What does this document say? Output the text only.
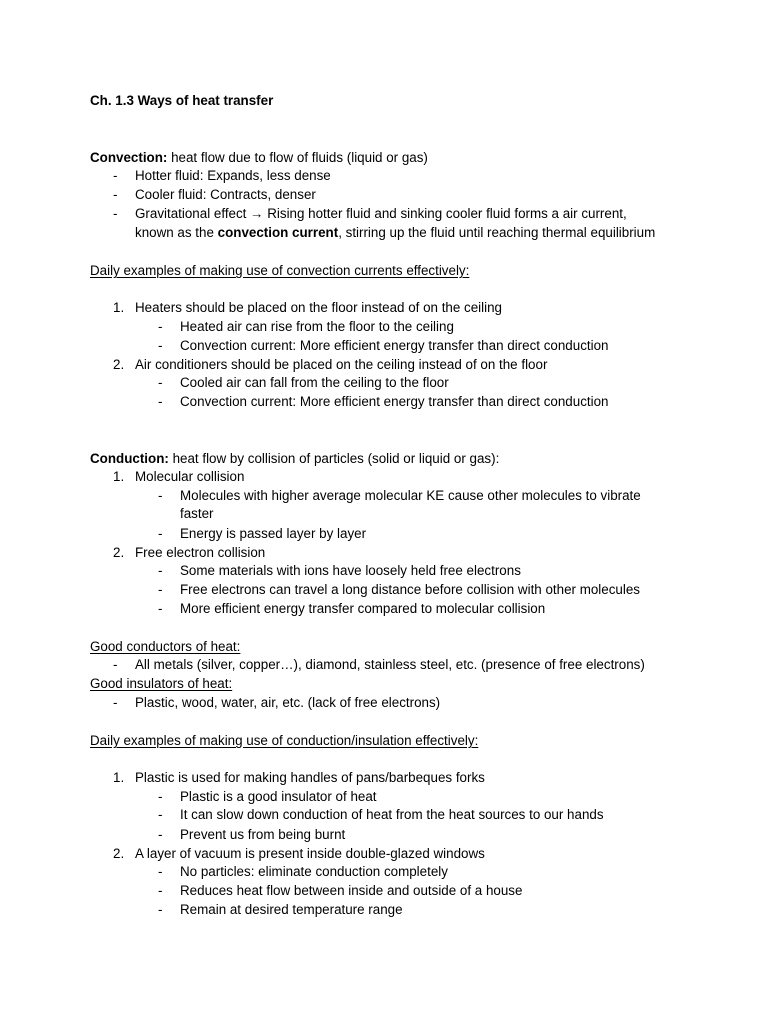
Ch. 1.3 Ways of heat transfer
Convection: heat flow due to flow of fluids (liquid or gas)
- Hotter fluid: Expands, less dense
- Cooler fluid: Contracts, denser
- Gravitational effect → Rising hotter fluid and sinking cooler fluid forms a air current,
known as the convection current, stirring up the fluid until reaching thermal equilibrium
Daily examples of making use of convection currents effectively:
1. Heaters should be placed on the floor instead of on the ceiling
- Heated air can rise from the floor to the ceiling
- Convection current: More efficient energy transfer than direct conduction
2. Air conditioners should be placed on the ceiling instead of on the floor
- Cooled air can fall from the ceiling to the floor
- Convection current: More efficient energy transfer than direct conduction
Conduction: heat flow by collision of particles (solid or liquid or gas):
1. Molecular collision
- Molecules with higher average molecular KE cause other molecules to vibrate
faster
- Energy is passed layer by layer
2. Free electron collision
- Some materials with ions have loosely held free electrons
- Free electrons can travel a long distance before collision with other molecules
- More efficient energy transfer compared to molecular collision
Good conductors of heat:
- All metals (silver, copper…), diamond, stainless steel, etc. (presence of free electrons)
Good insulators of heat:
- Plastic, wood, water, air, etc. (lack of free electrons)
Daily examples of making use of conduction/insulation effectively:
1. Plastic is used for making handles of pans/barbeques forks
- Plastic is a good insulator of heat
- It can slow down conduction of heat from the heat sources to our hands
- Prevent us from being burnt
2. A layer of vacuum is present inside double-glazed windows
- No particles: eliminate conduction completely
- Reduces heat flow between inside and outside of a house
- Remain at desired temperature range
